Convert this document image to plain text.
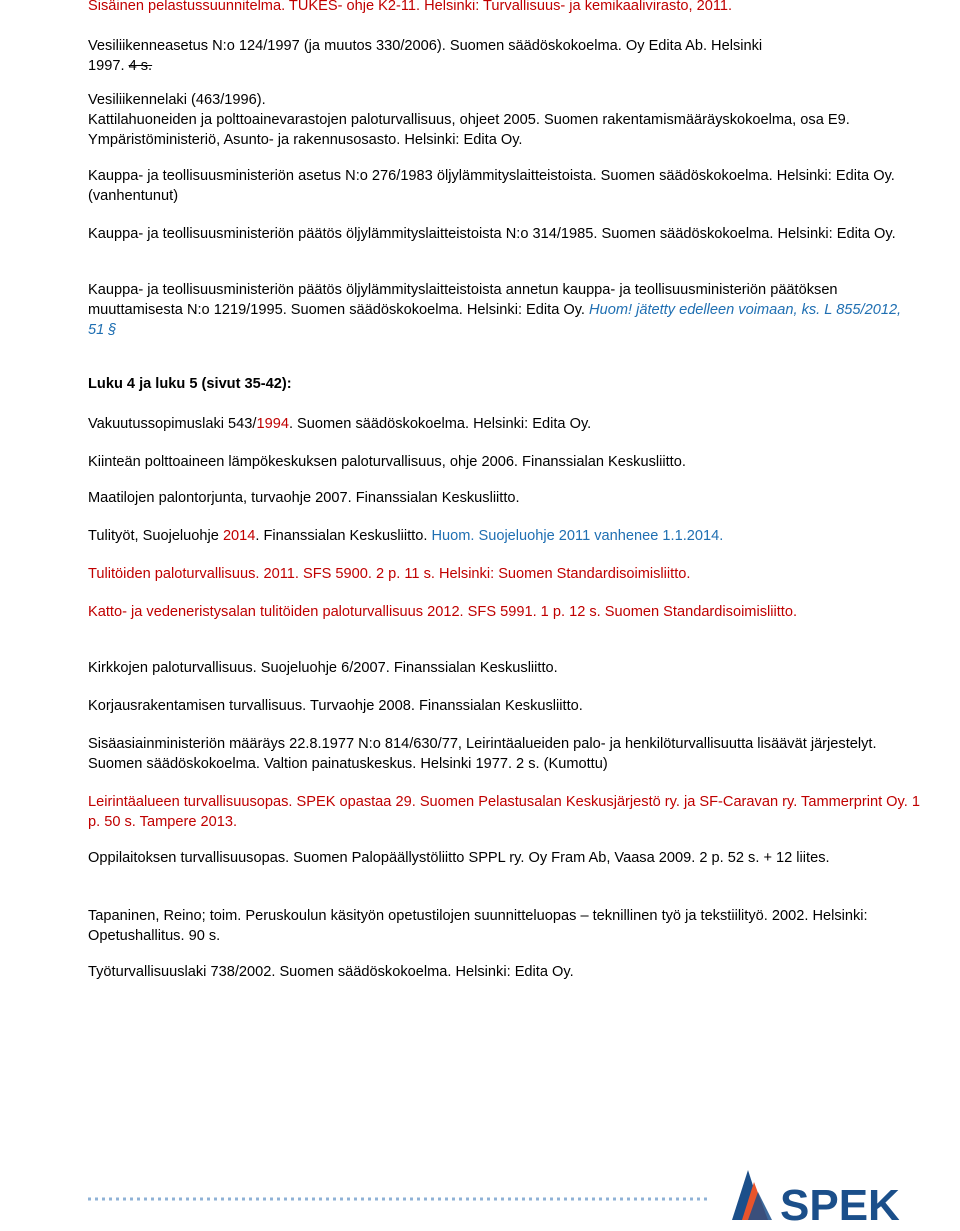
Sisäinen pelastussuunnitelma. TUKES- ohje K2-11. Helsinki: Turvallisuus- ja kemikaalivirasto, 2011.
Vesiliikenneasetus N:o 124/1997 (ja muutos 330/2006). Suomen säädöskokoelma. Oy Edita Ab. Helsinki
1997. 4 s.
Vesiliikennelaki (463/1996).
Kattilahuoneiden ja polttoainevarastojen paloturvallisuus, ohjeet 2005. Suomen rakentamismääräyskokoelma, osa E9. Ympäristöministeriö, Asunto- ja rakennusosasto. Helsinki: Edita Oy.
Kauppa- ja teollisuusministeriön asetus N:o 276/1983 öljylämmityslaitteistoista. Suomen säädöskokoelma. Helsinki: Edita Oy. (vanhentunut)
Kauppa- ja teollisuusministeriön päätös öljylämmityslaitteistoista N:o 314/1985. Suomen säädöskokoelma. Helsinki: Edita Oy.
Kauppa- ja teollisuusministeriön päätös öljylämmityslaitteistoista annetun kauppa- ja teollisuusministeriön päätöksen muuttamisesta N:o 1219/1995. Suomen säädöskokoelma. Helsinki: Edita Oy. Huom! jätetty edelleen voimaan, ks. L 855/2012, 51 §
Luku 4 ja luku 5 (sivut 35-42):
Vakuutussopimuslaki 543/1994. Suomen säädöskokoelma. Helsinki: Edita Oy.
Kiinteän polttoaineen lämpökeskuksen paloturvallisuus, ohje 2006. Finanssialan Keskusliitto.
Maatilojen palontorjunta, turvaohje 2007. Finanssialan Keskusliitto.
Tulityöt, Suojeluohje 2014. Finanssialan Keskusliitto. Huom. Suojeluohje 2011 vanhenee 1.1.2014.
Tulitöiden paloturvallisuus. 2011. SFS 5900. 2 p. 11 s. Helsinki: Suomen Standardisoimisliitto.
Katto- ja vedeneristysalan tulitöiden paloturvallisuus 2012. SFS 5991. 1 p. 12 s. Suomen Standardisoimisliitto.
Kirkkojen paloturvallisuus. Suojeluohje 6/2007. Finanssialan Keskusliitto.
Korjausrakentamisen turvallisuus. Turvaohje 2008. Finanssialan Keskusliitto.
Sisäasiainministeriön määräys 22.8.1977 N:o 814/630/77, Leirintäalueiden palo- ja henkilöturvallisuutta lisäävät järjestelyt. Suomen säädöskokoelma. Valtion painatuskeskus. Helsinki 1977. 2 s. (Kumottu)
Leirintäalueen turvallisuusopas. SPEK opastaa 29. Suomen Pelastusalan Keskusjärjestö ry. ja SF-Caravan ry. Tammerprint Oy. 1 p. 50 s. Tampere 2013.
Oppilaitoksen turvallisuusopas. Suomen Palopäällystöliitto SPPL ry. Oy Fram Ab, Vaasa 2009. 2 p. 52 s. + 12 liites.
Tapaninen, Reino; toim. Peruskoulun käsityön opetustilojen suunnitteluopas – teknillinen työ ja tekstiilityö. 2002. Helsinki: Opetushallitus. 90 s.
Työturvallisuuslaki 738/2002. Suomen säädöskokoelma. Helsinki: Edita Oy.
SPEK
